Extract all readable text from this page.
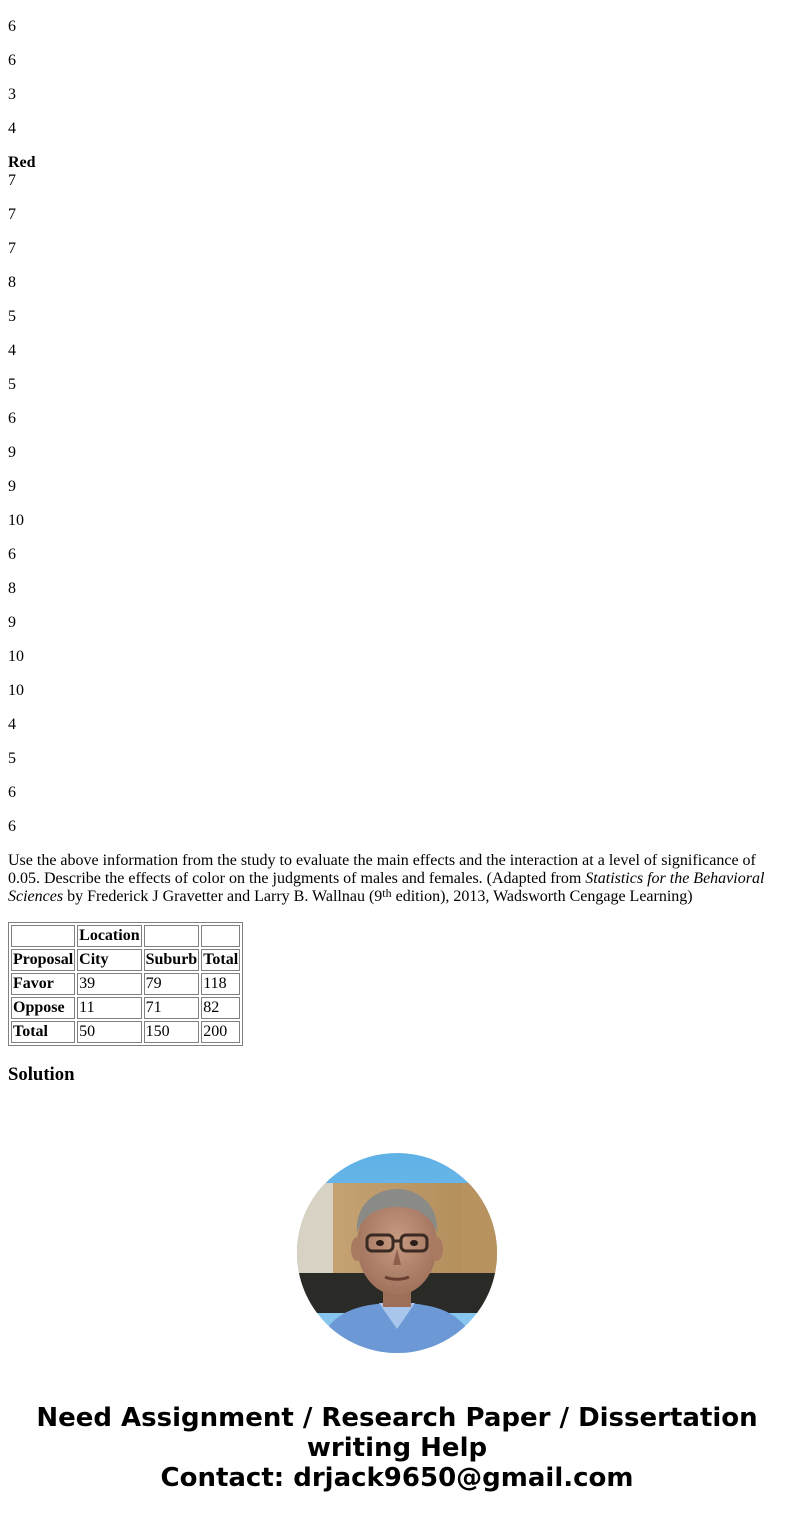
6

6

3

4

Red

7

7

7

8

5

4

5

6

9

9

10

6

8

9

10

10

4

5

6

6

Use the above information from the study to evaluate the main effects and the interaction at a level of significance of 0.05. Describe the effects of color on the judgments of males and females. (Adapted from Statistics for the Behavioral Sciences by Frederick J Gravetter and Larry B. Wallnau (9th edition), 2013, Wadsworth Cengage Learning)

	Location		
Proposal	City	Suburb	Total
Favor	39	79	118
Oppose	11	71	82
Total	50	150	200
Solution
Need Assignment / Research Paper / Dissertation
writing Help
Contact: drjack9650@gmail.com
